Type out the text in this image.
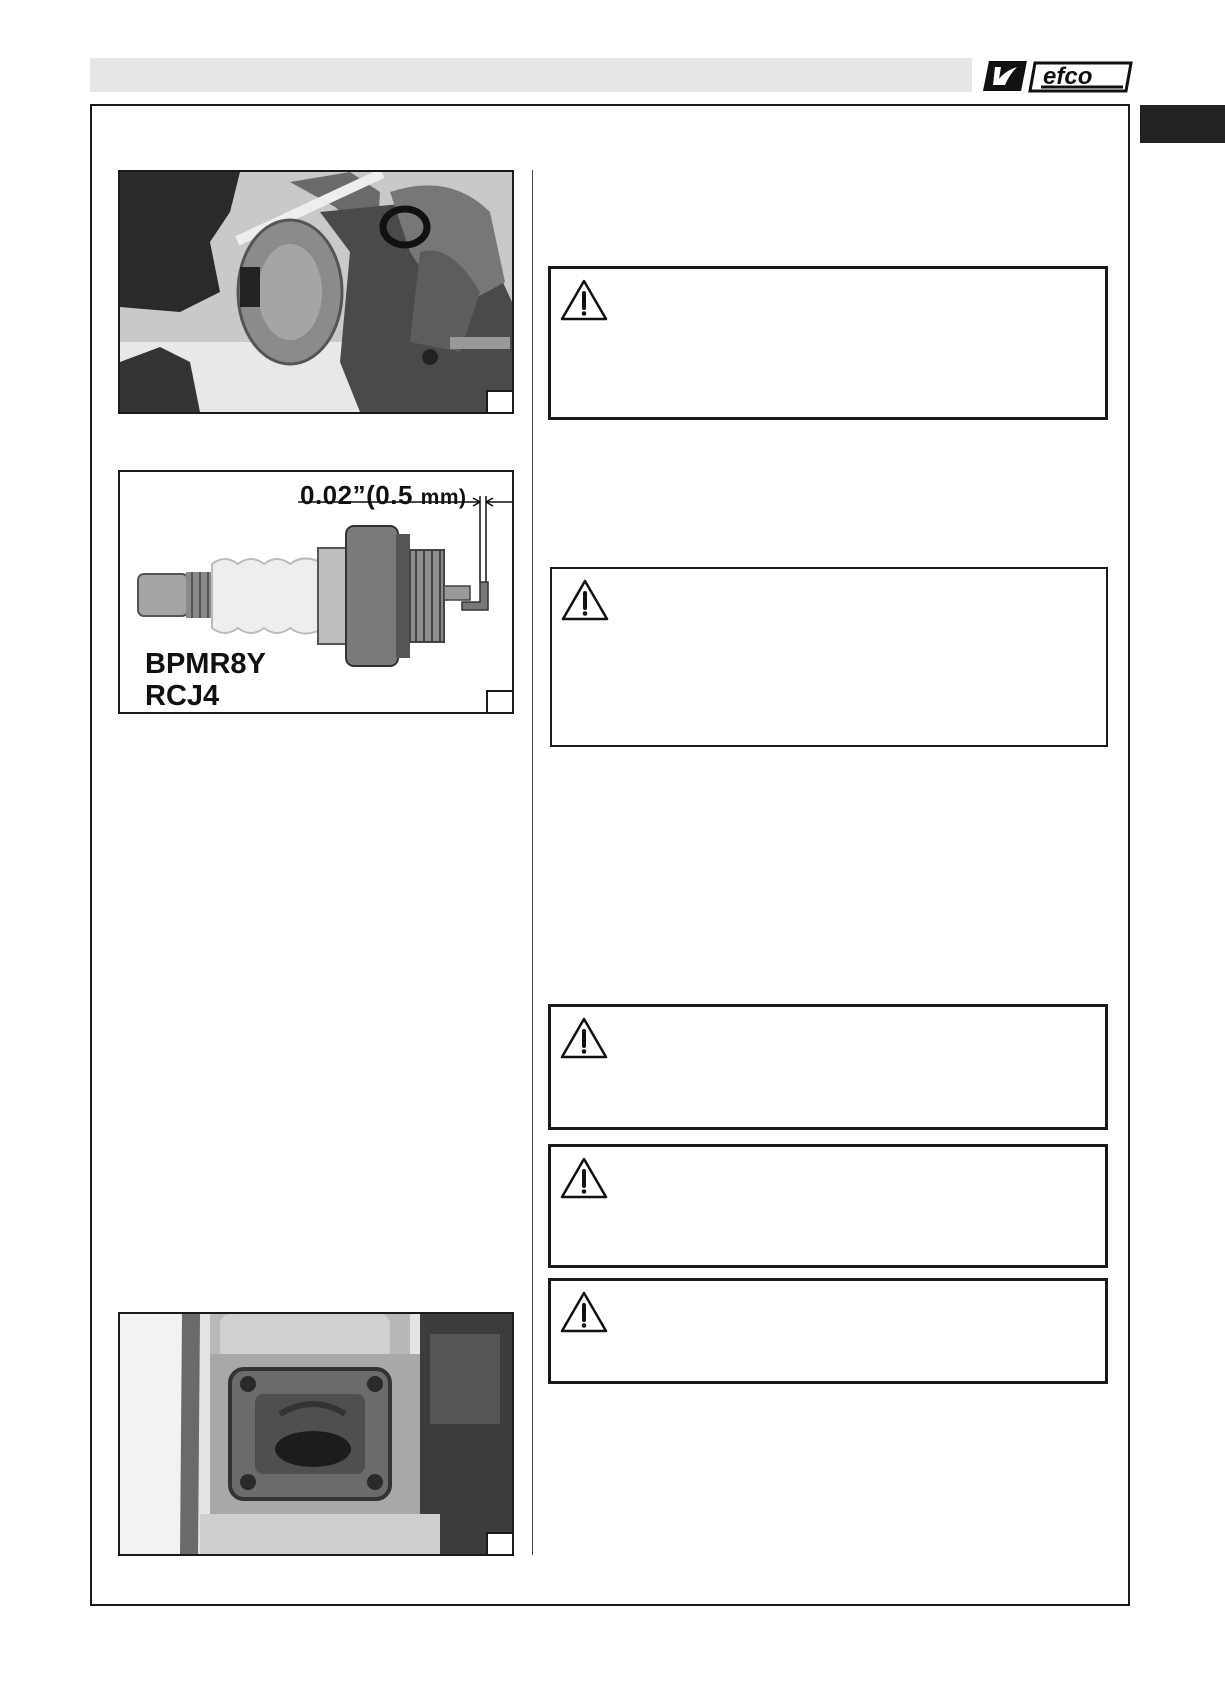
efco
0.02”(0.5 mm)
BPMR8Y
RCJ4
